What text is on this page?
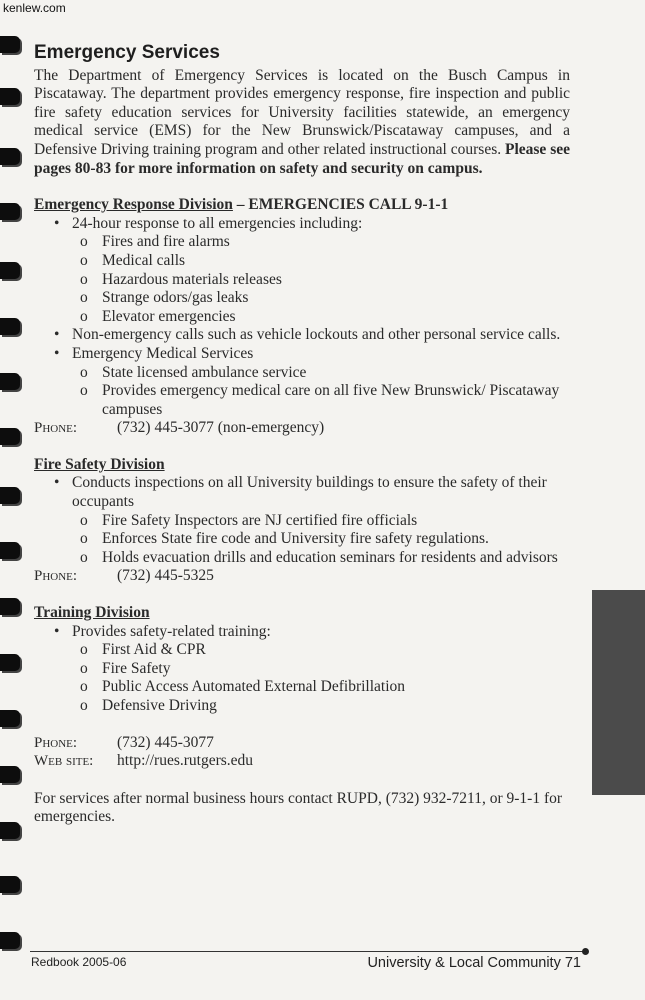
kenlew.com
Emergency Services

The Department of Emergency Services is located on the Busch Campus in Piscataway. The department provides emergency response, fire inspection and public fire safety education services for University facilities statewide, an emergency medical service (EMS) for the New Brunswick/Piscataway campuses, and a Defensive Driving training program and other related instructional courses. Please see pages 80-83 for more information on safety and security on campus.

Emergency Response Division – EMERGENCIES CALL 9-1-1
• 24-hour response to all emergencies including:
o Fires and fire alarms
o Medical calls
o Hazardous materials releases
o Strange odors/gas leaks
o Elevator emergencies
• Non-emergency calls such as vehicle lockouts and other personal service calls.
• Emergency Medical Services
o State licensed ambulance service
o Provides emergency medical care on all five New Brunswick/ Piscataway campuses
Phone:	(732) 445-3077 (non-emergency)
Fire Safety Division
• Conducts inspections on all University buildings to ensure the safety of their occupants
o Fire Safety Inspectors are NJ certified fire officials
o Enforces State fire code and University fire safety regulations.
o Holds evacuation drills and education seminars for residents and advisors
Phone:	(732) 445-5325
Training Division
• Provides safety-related training:
o First Aid & CPR
o Fire Safety
o Public Access Automated External Defibrillation
o Defensive Driving
Phone:	(732) 445-3077
Web site:	http://rues.rutgers.edu

For services after normal business hours contact RUPD, (732) 932-7211, or 9-1-1 for emergencies.

Redbook 2005-06	University & Local Community 71
